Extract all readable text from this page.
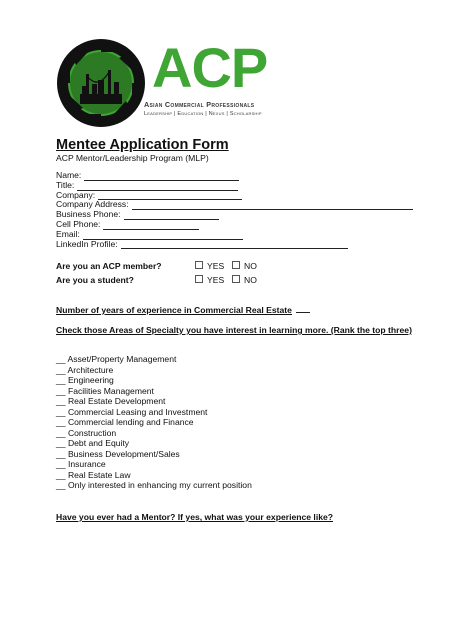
ACP
Asian Commercial Professionals
Leadership | Education | Nexus | Scholarship
Mentee Application Form
ACP Mentor/Leadership Program (MLP)
Name:
Title:
Company:
Company Address:
Business Phone:
Cell Phone:
Email:
LinkedIn Profile:
Are you an ACP member?	YES	NO
Are you a student?	YES	NO
Number of years of experience in Commercial Real Estate
Check those Areas of Specialty you have interest in learning more. (Rank the top three)
__ Asset/Property Management
__ Architecture
__ Engineering
__ Facilities Management
__ Real Estate Development
__ Commercial Leasing and Investment
__ Commercial lending and Finance
__ Construction
__ Debt and Equity
__ Business Development/Sales
__ Insurance
__ Real Estate Law
__ Only interested in enhancing my current position
Have you ever had a Mentor? If yes, what was your experience like?
